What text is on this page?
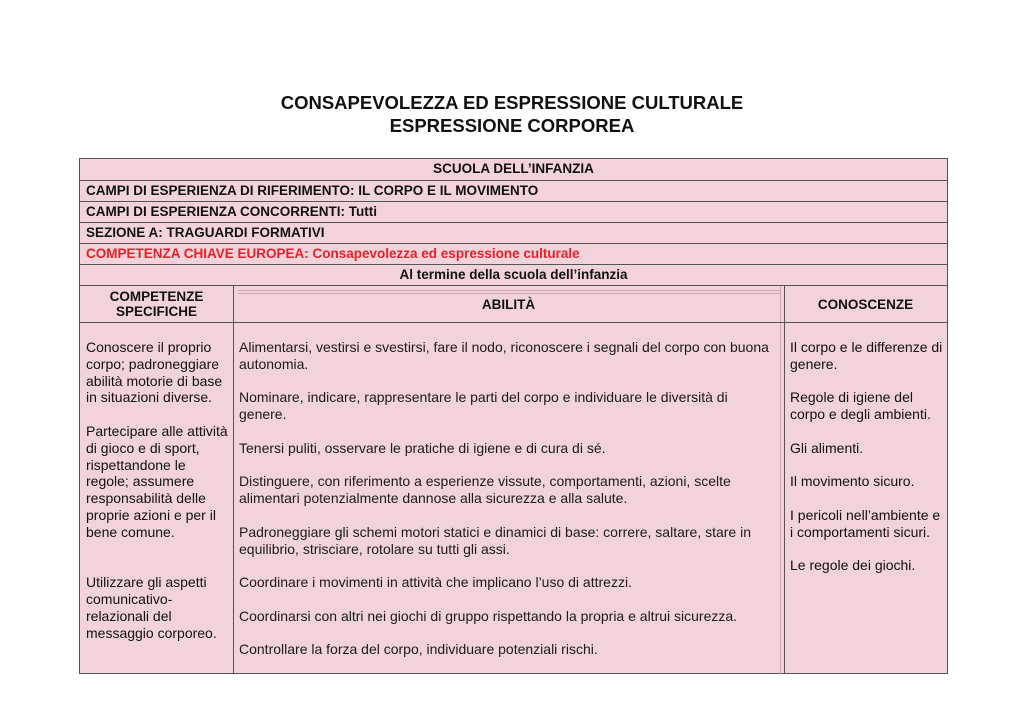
CONSAPEVOLEZZA ED ESPRESSIONE CULTURALE
ESPRESSIONE CORPOREA
SCUOLA DELL’INFANZIA
CAMPI DI ESPERIENZA DI RIFERIMENTO: IL CORPO E IL MOVIMENTO
CAMPI DI ESPERIENZA CONCORRENTI: Tutti
SEZIONE A: TRAGUARDI FORMATIVI
COMPETENZA CHIAVE EUROPEA: Consapevolezza ed espressione culturale
Al termine della scuola dell’infanzia
COMPETENZE SPECIFICHE	ABILITÀ	CONOSCENZE

Conoscere il proprio corpo; padroneggiare abilità motorie di base in situazioni diverse.

Partecipare alle attività di gioco e di sport, rispettandone le regole; assumere responsabilità delle proprie azioni e per il bene comune.

Utilizzare gli aspetti comunicativo-relazionali del messaggio corporeo.

Alimentarsi, vestirsi e svestirsi, fare il nodo, riconoscere i segnali del corpo con buona autonomia.

Nominare, indicare, rappresentare le parti del corpo e individuare le diversità di genere.

Tenersi puliti, osservare le pratiche di igiene e di cura di sé.

Distinguere, con riferimento a esperienze vissute, comportamenti, azioni, scelte alimentari potenzialmente dannose alla sicurezza e alla salute.

Padroneggiare gli schemi motori statici e dinamici di base: correre, saltare, stare in equilibrio, strisciare, rotolare su tutti gli assi.

Coordinare i movimenti in attività che implicano l’uso di attrezzi.

Coordinarsi con altri nei giochi di gruppo rispettando la propria e altrui sicurezza.

Controllare la forza del corpo, individuare potenziali rischi.

Il corpo e le differenze di genere.

Regole di igiene del corpo e degli ambienti.

Gli alimenti.

Il movimento sicuro.

I pericoli nell’ambiente e i comportamenti sicuri.

Le regole dei giochi.
